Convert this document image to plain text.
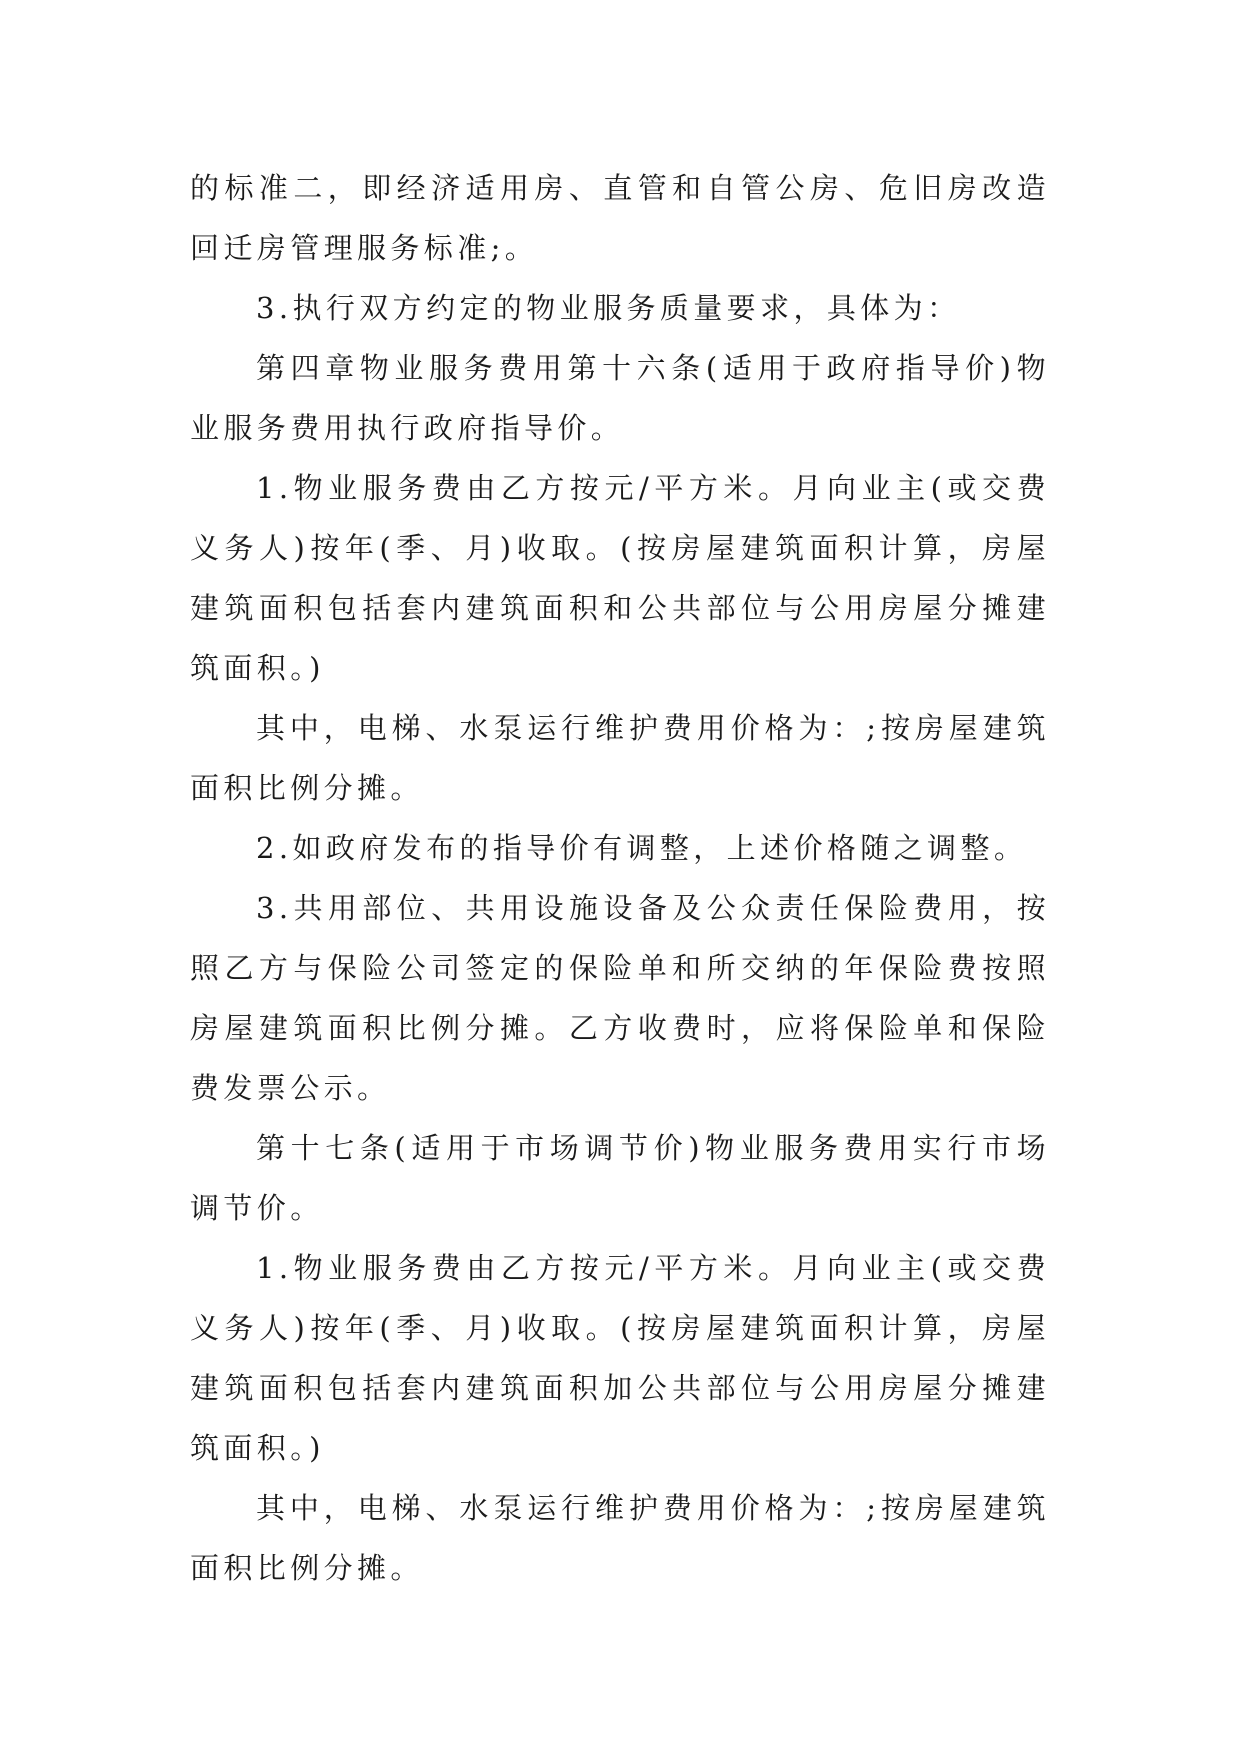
的标准二，即经济适用房、直管和自管公房、危旧房改造回迁房管理服务标准;。

3.执行双方约定的物业服务质量要求，具体为：

第四章物业服务费用第十六条(适用于政府指导价)物业服务费用执行政府指导价。

1.物业服务费由乙方按元/平方米。月向业主(或交费义务人)按年(季、月)收取。(按房屋建筑面积计算，房屋建筑面积包括套内建筑面积和公共部位与公用房屋分摊建筑面积。)

其中，电梯、水泵运行维护费用价格为：;按房屋建筑面积比例分摊。

2.如政府发布的指导价有调整，上述价格随之调整。

3.共用部位、共用设施设备及公众责任保险费用，按照乙方与保险公司签定的保险单和所交纳的年保险费按照房屋建筑面积比例分摊。乙方收费时，应将保险单和保险费发票公示。

第十七条(适用于市场调节价)物业服务费用实行市场调节价。

1.物业服务费由乙方按元/平方米。月向业主(或交费义务人)按年(季、月)收取。(按房屋建筑面积计算，房屋建筑面积包括套内建筑面积加公共部位与公用房屋分摊建筑面积。)

其中，电梯、水泵运行维护费用价格为：;按房屋建筑面积比例分摊。
